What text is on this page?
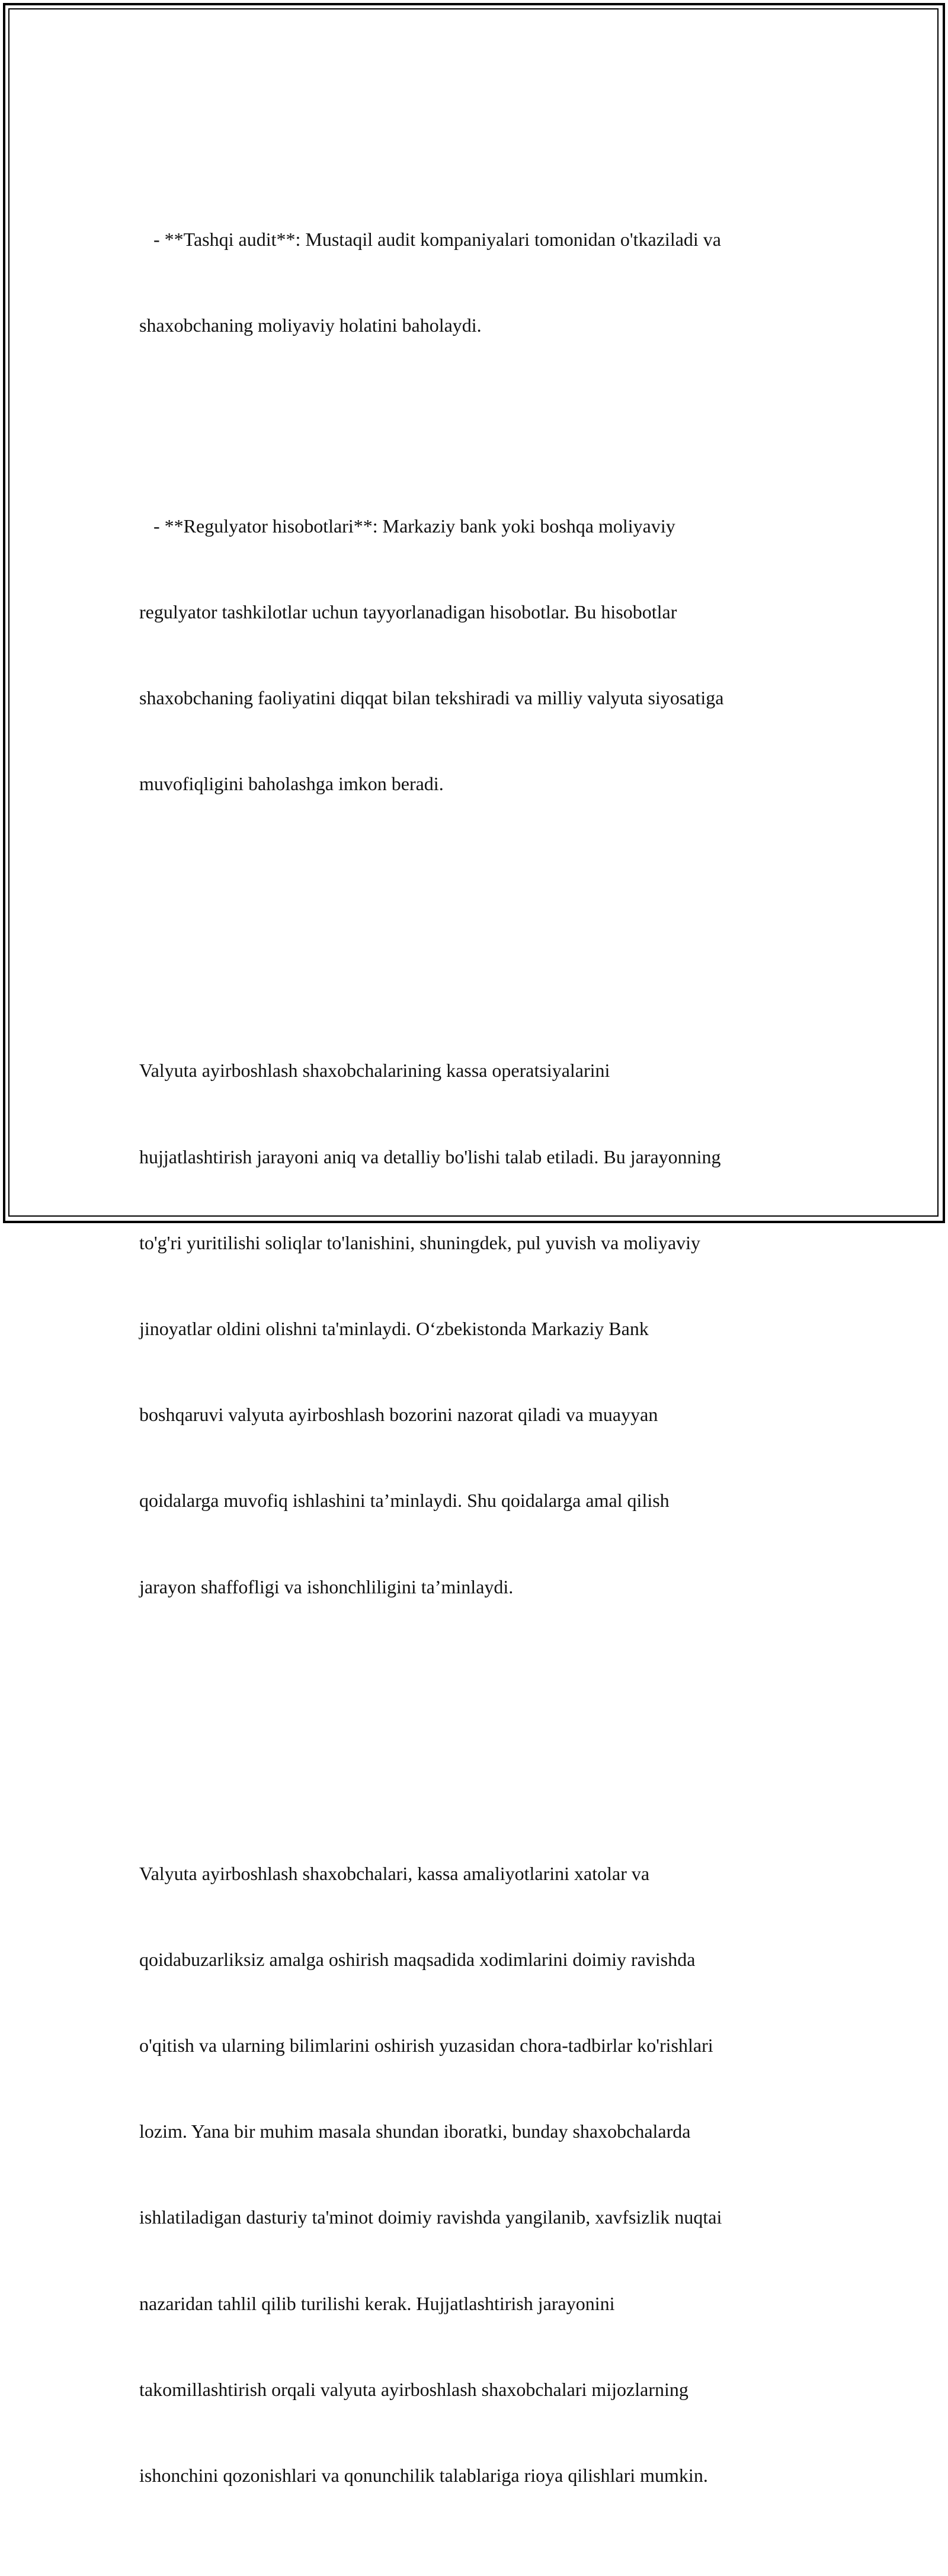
- **Tashqi audit**: Mustaqil audit kompaniyalari tomonidan o'tkaziladi va

shaxobchaning moliyaviy holatini baholaydi.

- **Regulyator hisobotlari**: Markaziy bank yoki boshqa moliyaviy

regulyator tashkilotlar uchun tayyorlanadigan hisobotlar. Bu hisobotlar

shaxobchaning faoliyatini diqqat bilan tekshiradi va milliy valyuta siyosatiga

muvofiqligini baholashga imkon beradi.

Valyuta ayirboshlash shaxobchalarining kassa operatsiyalarini

hujjatlashtirish jarayoni aniq va detalliy bo'lishi talab etiladi. Bu jarayonning

to'g'ri yuritilishi soliqlar to'lanishini, shuningdek, pul yuvish va moliyaviy

jinoyatlar oldini olishni ta'minlaydi. O‘zbekistonda Markaziy Bank

boshqaruvi valyuta ayirboshlash bozorini nazorat qiladi va muayyan

qoidalarga muvofiq ishlashini ta’minlaydi. Shu qoidalarga amal qilish

jarayon shaffofligi va ishonchliligini ta’minlaydi.

Valyuta ayirboshlash shaxobchalari, kassa amaliyotlarini xatolar va

qoidabuzarliksiz amalga oshirish maqsadida xodimlarini doimiy ravishda

o'qitish va ularning bilimlarini oshirish yuzasidan chora-tadbirlar ko'rishlari

lozim. Yana bir muhim masala shundan iboratki, bunday shaxobchalarda

ishlatiladigan dasturiy ta'minot doimiy ravishda yangilanib, xavfsizlik nuqtai

nazaridan tahlil qilib turilishi kerak. Hujjatlashtirish jarayonini

takomillashtirish orqali valyuta ayirboshlash shaxobchalari mijozlarning

ishonchini qozonishlari va qonunchilik talablariga rioya qilishlari mumkin.
